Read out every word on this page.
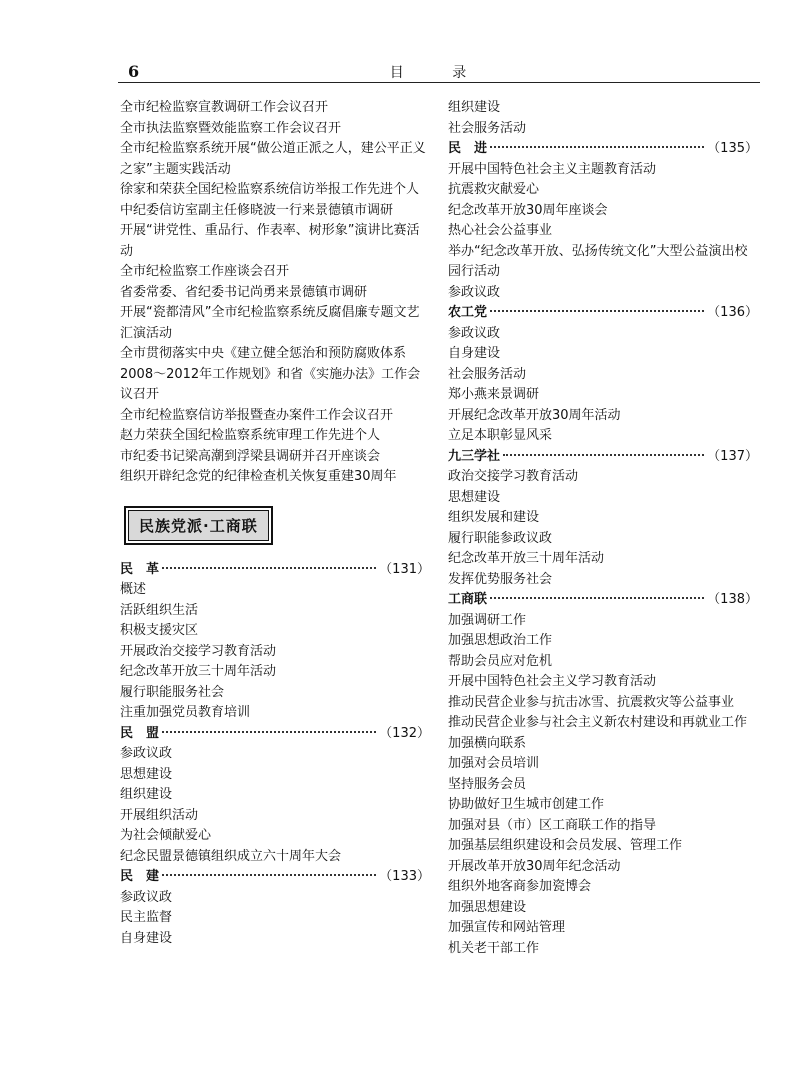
6	目 录
全市纪检监察宣教调研工作会议召开
全市执法监察暨效能监察工作会议召开
全市纪检监察系统开展“做公道正派之人，建公平正义之家”主题实践活动
徐家和荣获全国纪检监察系统信访举报工作先进个人
中纪委信访室副主任修晓波一行来景德镇市调研
开展“讲党性、重品行、作表率、树形象”演讲比赛活动
全市纪检监察工作座谈会召开
省委常委、省纪委书记尚勇来景德镇市调研
开展“瓷都清风”全市纪检监察系统反腐倡廉专题文艺汇演活动
全市贯彻落实中央《建立健全惩治和预防腐败体系2008～2012年工作规划》和省《实施办法》工作会议召开
全市纪检监察信访举报暨查办案件工作会议召开
赵力荣获全国纪检监察系统审理工作先进个人
市纪委书记梁高潮到浮梁县调研并召开座谈会
组织开辟纪念党的纪律检查机关恢复重建30周年
民族党派·工商联
民　革	（131）
概述
活跃组织生活
积极支援灾区
开展政治交接学习教育活动
纪念改革开放三十周年活动
履行职能服务社会
注重加强党员教育培训
民　盟	（132）
参政议政
思想建设
组织建设
开展组织活动
为社会倾献爱心
纪念民盟景德镇组织成立六十周年大会
民　建	（133）
参政议政
民主监督
自身建设
组织建设
社会服务活动
民　进	（135）
开展中国特色社会主义主题教育活动
抗震救灾献爱心
纪念改革开放30周年座谈会
热心社会公益事业
举办“纪念改革开放、弘扬传统文化”大型公益演出校园行活动
参政议政
农工党	（136）
参政议政
自身建设
社会服务活动
郑小燕来景调研
开展纪念改革开放30周年活动
立足本职彰显风采
九三学社	（137）
政治交接学习教育活动
思想建设
组织发展和建设
履行职能参政议政
纪念改革开放三十周年活动
发挥优势服务社会
工商联	（138）
加强调研工作
加强思想政治工作
帮助会员应对危机
开展中国特色社会主义学习教育活动
推动民营企业参与抗击冰雪、抗震救灾等公益事业
推动民营企业参与社会主义新农村建设和再就业工作
加强横向联系
加强对会员培训
坚持服务会员
协助做好卫生城市创建工作
加强对县（市）区工商联工作的指导
加强基层组织建设和会员发展、管理工作
开展改革开放30周年纪念活动
组织外地客商参加瓷博会
加强思想建设
加强宣传和网站管理
机关老干部工作
